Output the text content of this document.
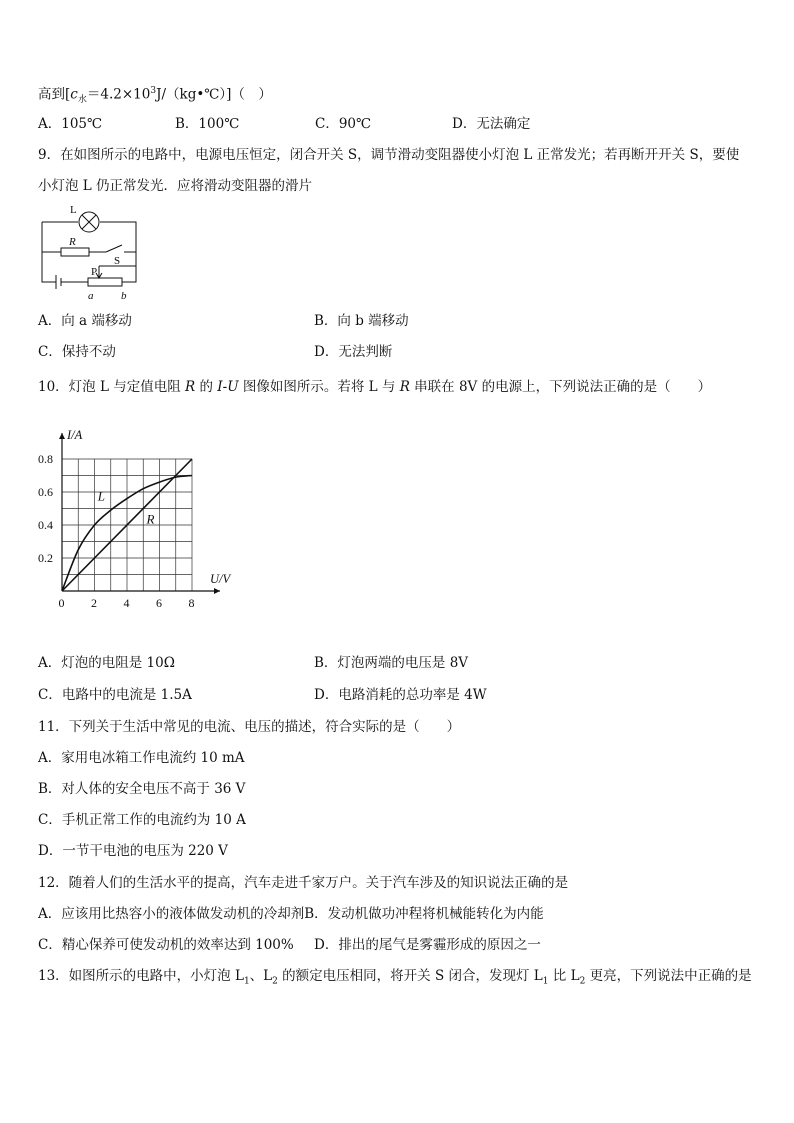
高到$[c_水=4.2\times 10^3J/(kg•℃)]$（　）
A．105℃	B．100℃	C．90℃	D．无法确定
9．在如图所示的电路中，电源电压恒定，闭合开关 S，调节滑动变阻器使小灯泡 L 正常发光；若再断开开关 S，要使
小灯泡 L 仍正常发光．应将滑动变阻器的滑片
L
R
S
P
a	b
A．向 a 端移动	B．向 b 端移动
C．保持不动	D．无法判断
10．灯泡 L 与定值电阻 R 的 I-U 图像如图所示。若将 L 与 R 串联在 8V 的电源上，下列说法正确的是（　　）
0 2 4 6 8
0.2
0.4
0.6
0.8
U/V
I/A
L
R
A．灯泡的电阻是 10Ω	B．灯泡两端的电压是 8V
C．电路中的电流是 1.5A	D．电路消耗的总功率是 4W
11．下列关于生活中常见的电流、电压的描述，符合实际的是（　　）
A．家用电冰箱工作电流约 10 mA
B．对人体的安全电压不高于 36 V
C．手机正常工作的电流约为 10 A
D．一节干电池的电压为 220 V
12．随着人们的生活水平的提高，汽车走进千家万户。关于汽车涉及的知识说法正确的是
A．应该用比热容小的液体做发动机的冷却剂B．发动机做功冲程将机械能转化为内能
C．精心保养可使发动机的效率达到 100% D．排出的尾气是雾霾形成的原因之一
13．如图所示的电路中，小灯泡 $L_1$、$L_2$ 的额定电压相同，将开关 S 闭合，发现灯 $L_1$ 比 $L_2$ 更亮，下列说法中正确的是
